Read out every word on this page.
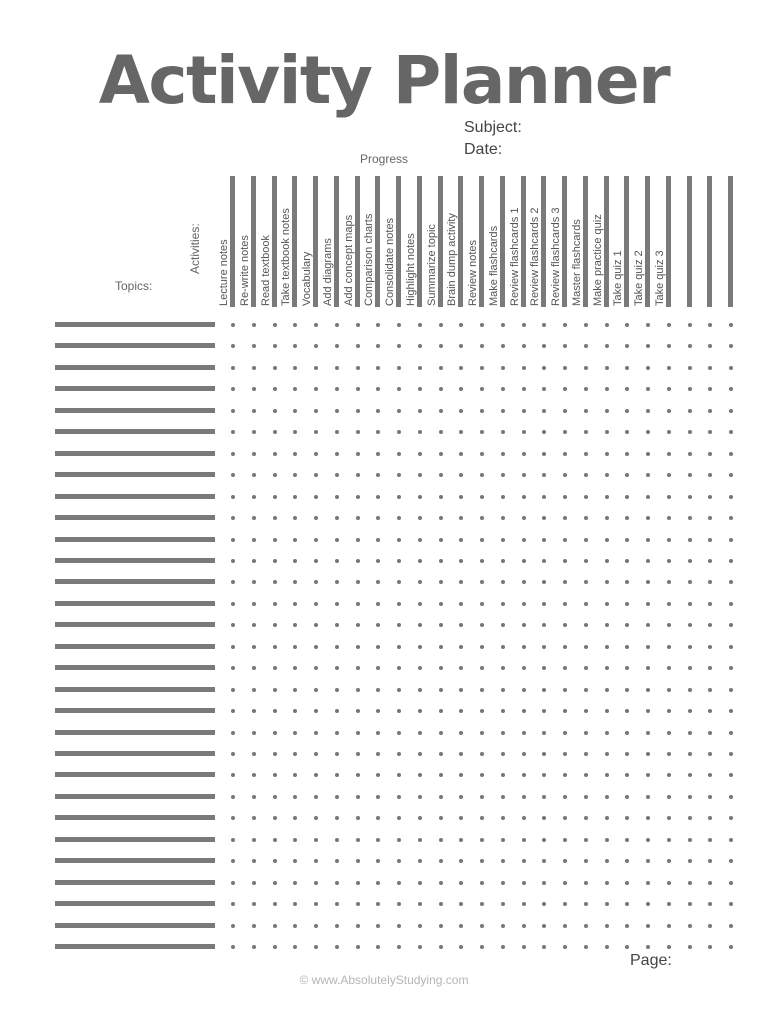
Activity Planner
Subject:
Date:
Progress
Activities:
Topics:	Lecture notes Re-write notes Read textbook Take textbook notes Vocabulary Add diagrams Add concept maps Comparison charts Consolidate notes Highlight notes Summarize topic Brain dump activity Review notes Make flashcards Review flashcards 1 Review flashcards 2 Review flashcards 3 Master flashcards Make practice quiz Take quiz 1 Take quiz 2 Take quiz 3
Page:
© www.AbsolutelyStudying.com
